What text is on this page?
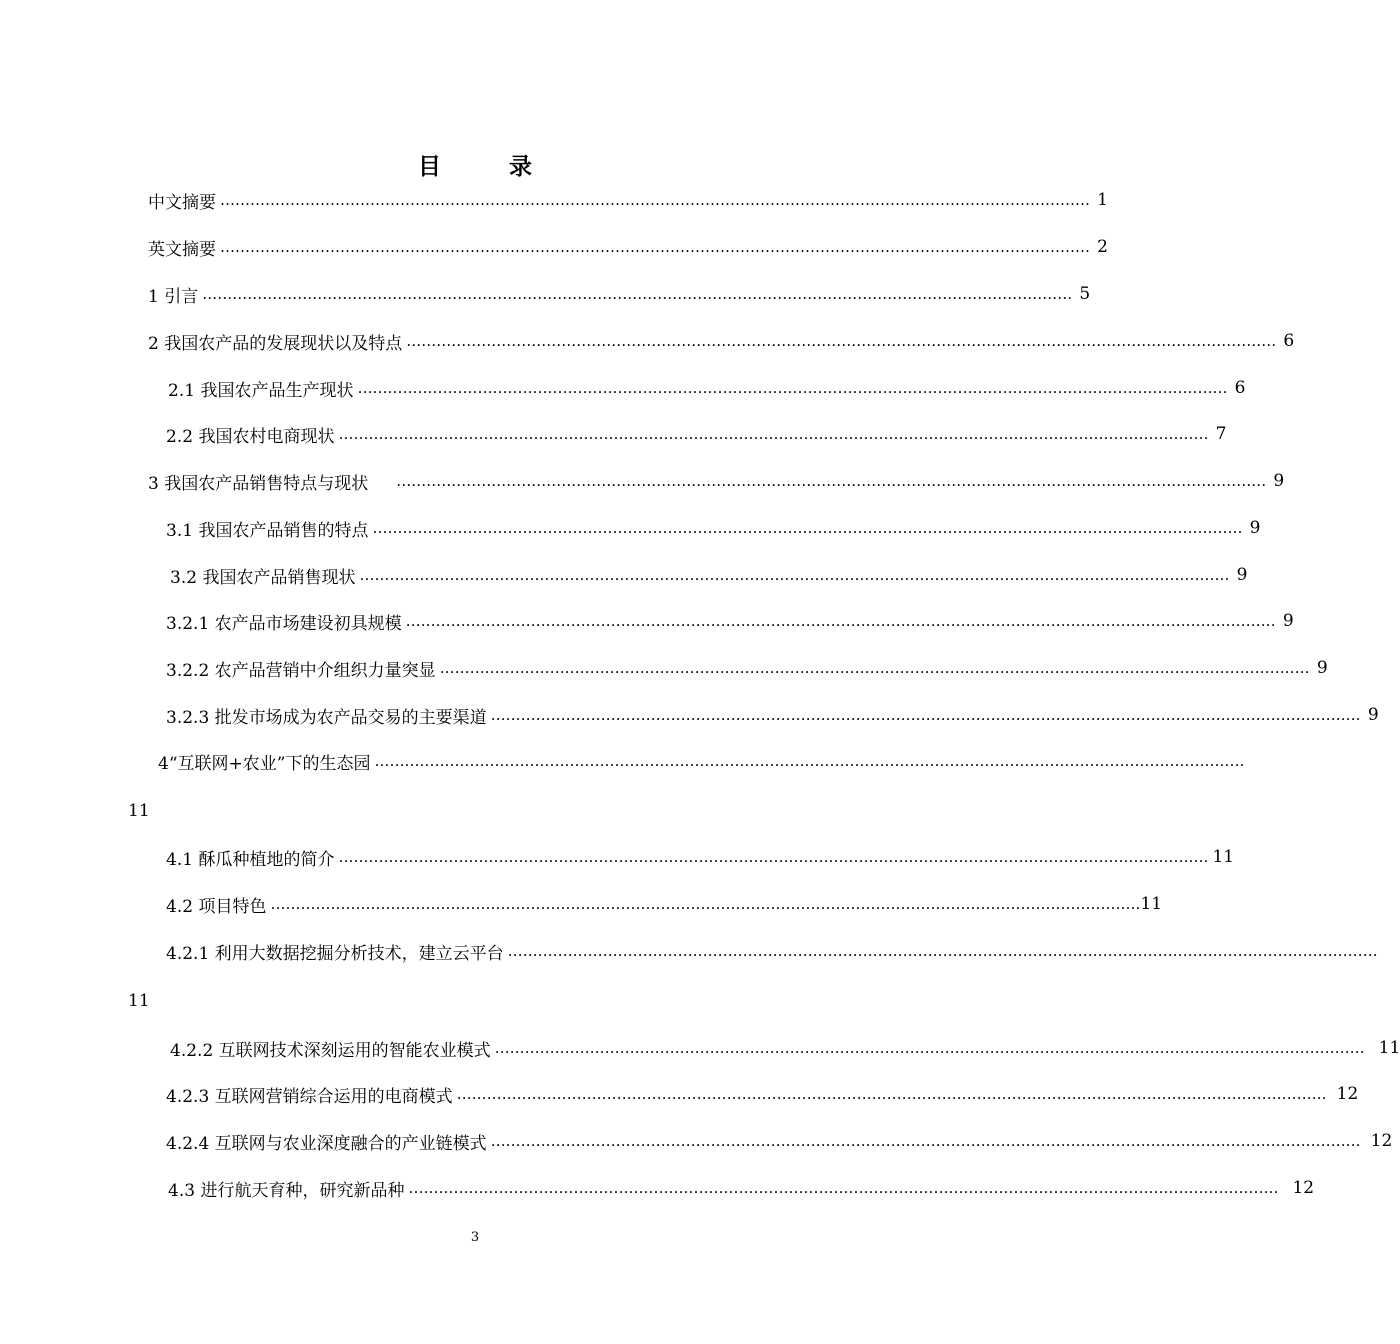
目 录
中文摘要 ………………………………………………………………………………………………………………………………………………………… 1
英文摘要 ………………………………………………………………………………………………………………………………………………………… 2
1 引言 ………………………………………………………………………………………………………………………………………………………… 5
2 我国农产品的发展现状以及特点 ………………………………………………………………………………………………………………………………………………………… 6
2.1 我国农产品生产现状 ………………………………………………………………………………………………………………………………………………………… 6
2.2 我国农村电商现状 ………………………………………………………………………………………………………………………………………………………… 7
3 我国农产品销售特点与现状 ………………………………………………………………………………………………………………………………………………………… 9
3.1 我国农产品销售的特点 ………………………………………………………………………………………………………………………………………………………… 9
3.2 我国农产品销售现状 ………………………………………………………………………………………………………………………………………………………… 9
3.2.1 农产品市场建设初具规模 ………………………………………………………………………………………………………………………………………………………… 9
3.2.2 农产品营销中介组织力量突显 ………………………………………………………………………………………………………………………………………………………… 9
3.2.3 批发市场成为农产品交易的主要渠道 ………………………………………………………………………………………………………………………………………………………… 9
4“互联网+农业”下的生态园 …………………………………………………………………………………………………………………………………………………………
11
4.1 酥瓜种植地的简介 ………………………………………………………………………………………………………………………………………………………… 11
4.2 项目特色 ………………………………………………………………………………………………………………………………………………………… 11
4.2.1 利用大数据挖掘分析技术，建立云平台 …………………………………………………………………………………………………………………………………………………………
11
4.2.2 互联网技术深刻运用的智能农业模式 ………………………………………………………………………………………………………………………………………………………… 11
4.2.3 互联网营销综合运用的电商模式 ………………………………………………………………………………………………………………………………………………………… 12
4.2.4 互联网与农业深度融合的产业链模式 ………………………………………………………………………………………………………………………………………………………… 12
4.3 进行航天育种，研究新品种 ………………………………………………………………………………………………………………………………………………………… 12
3
